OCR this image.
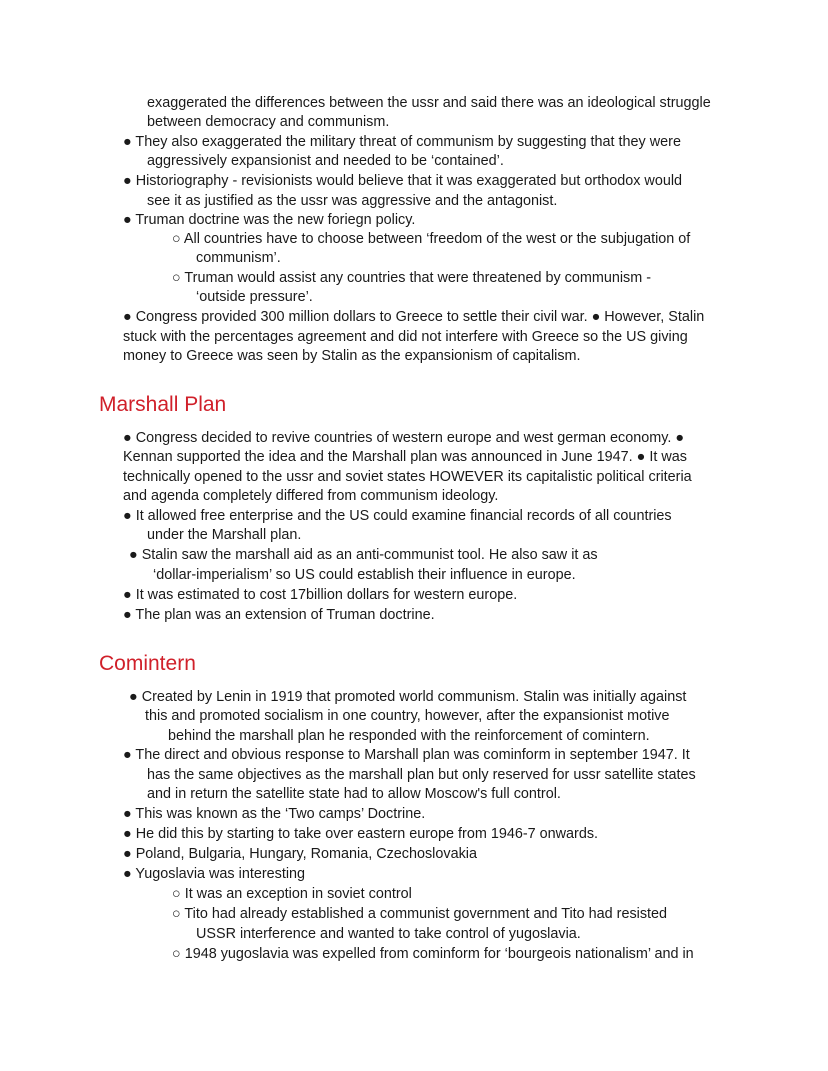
exaggerated the differences between the ussr and said there was an ideological struggle
between democracy and communism.
● They also exaggerated the military threat of communism by suggesting that they were
aggressively expansionist and needed to be ‘contained’.
● Historiography - revisionists would believe that it was exaggerated but orthodox would
see it as justified as the ussr was aggressive and the antagonist.
● Truman doctrine was the new foriegn policy.
○ All countries have to choose between ‘freedom of the west or the subjugation of
communism’.
○ Truman would assist any countries that were threatened by communism -
‘outside pressure’.
● Congress provided 300 million dollars to Greece to settle their civil war. ● However, Stalin
stuck with the percentages agreement and did not interfere with Greece so the US giving
money to Greece was seen by Stalin as the expansionism of capitalism.
Marshall Plan
● Congress decided to revive countries of western europe and west german economy. ●
Kennan supported the idea and the Marshall plan was announced in June 1947. ● It was
technically opened to the ussr and soviet states HOWEVER its capitalistic political criteria
and agenda completely differed from communism ideology.
● It allowed free enterprise and the US could examine financial records of all countries
under the Marshall plan.
● Stalin saw the marshall aid as an anti-communist tool. He also saw it as
‘dollar-imperialism’ so US could establish their influence in europe.
● It was estimated to cost 17billion dollars for western europe.
● The plan was an extension of Truman doctrine.
Comintern
● Created by Lenin in 1919 that promoted world communism. Stalin was initially against
this and promoted socialism in one country, however, after the expansionist motive
behind the marshall plan he responded with the reinforcement of comintern.
● The direct and obvious response to Marshall plan was cominform in september 1947. It
has the same objectives as the marshall plan but only reserved for ussr satellite states
and in return the satellite state had to allow Moscow's full control.
● This was known as the ‘Two camps’ Doctrine.
● He did this by starting to take over eastern europe from 1946-7 onwards.
● Poland, Bulgaria, Hungary, Romania, Czechoslovakia
● Yugoslavia was interesting
○ It was an exception in soviet control
○ Tito had already established a communist government and Tito had resisted
USSR interference and wanted to take control of yugoslavia.
○ 1948 yugoslavia was expelled from cominform for ‘bourgeois nationalism’ and in
